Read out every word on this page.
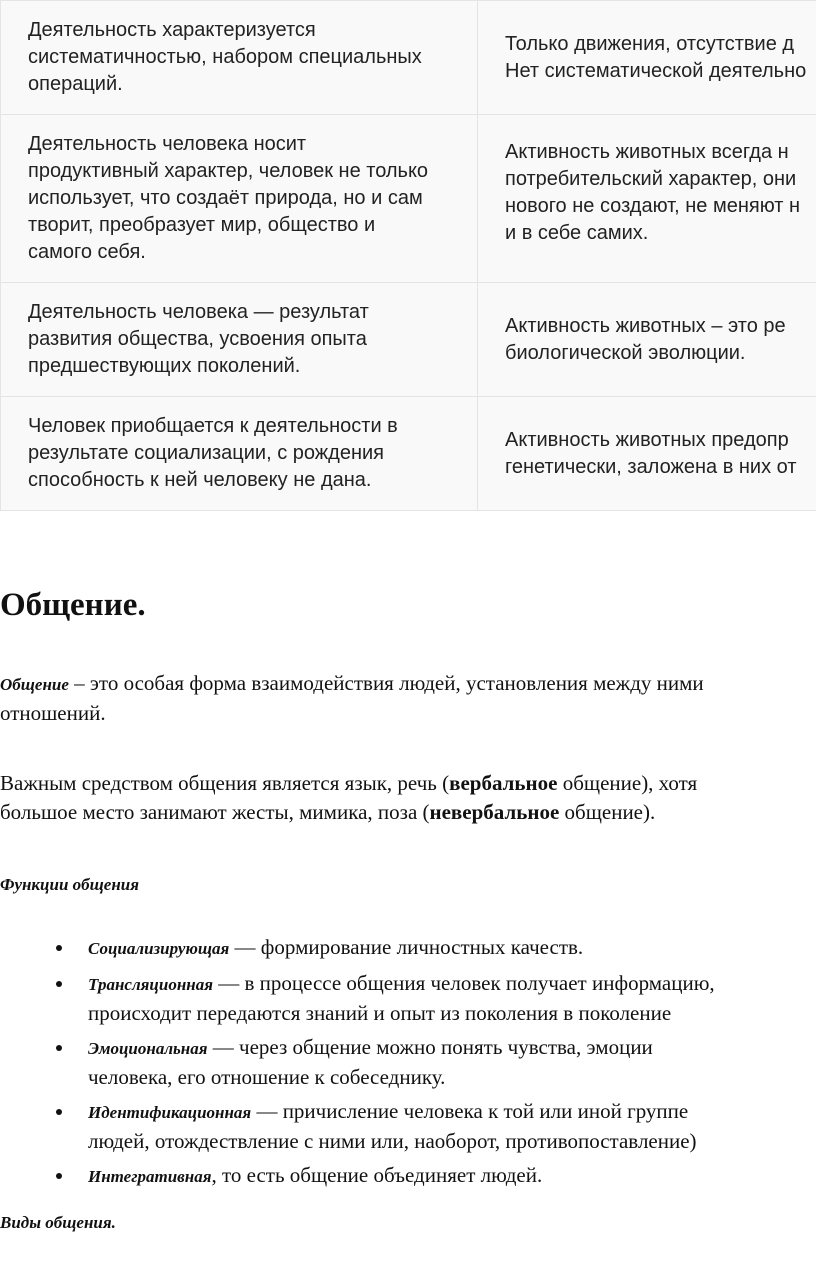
Деятельность характеризуется
систематичностью, набором специальных
операций.	Только движения, отсутствие д
Нет систематической деятельно

Деятельность человека носит
продуктивный характер, человек не только
использует, что создаёт природа, но и сам
творит, преобразует мир, общество и
самого себя.	Активность животных всегда н
потребительский характер, они
нового не создают, не меняют н
и в себе самих.

Деятельность человека — результат
развития общества, усвоения опыта
предшествующих поколений.	Активность животных – это ре
биологической эволюции.

Человек приобщается к деятельности в
результате социализации, с рождения
способность к ней человеку не дана.	Активность животных предопр
генетически, заложена в них от
Общение.

Общение – это особая форма взаимодействия людей, установления между ними
отношений.

Важным средством общения является язык, речь (вербальное общение), хотя
большое место занимают жесты, мимика, поза (невербальное общение).

Функции общения

Социализирующая — формирование личностных качеств.
Трансляционная — в процессе общения человек получает информацию,
происходит передаются знаний и опыт из поколения в поколение
Эмоциональная — через общение можно понять чувства, эмоции
человека, его отношение к собеседнику.
Идентификационная — причисление человека к той или иной группе
людей, отождествление с ними или, наоборот, противопоставление)
Интегративная, то есть общение объединяет людей.

Виды общения.
